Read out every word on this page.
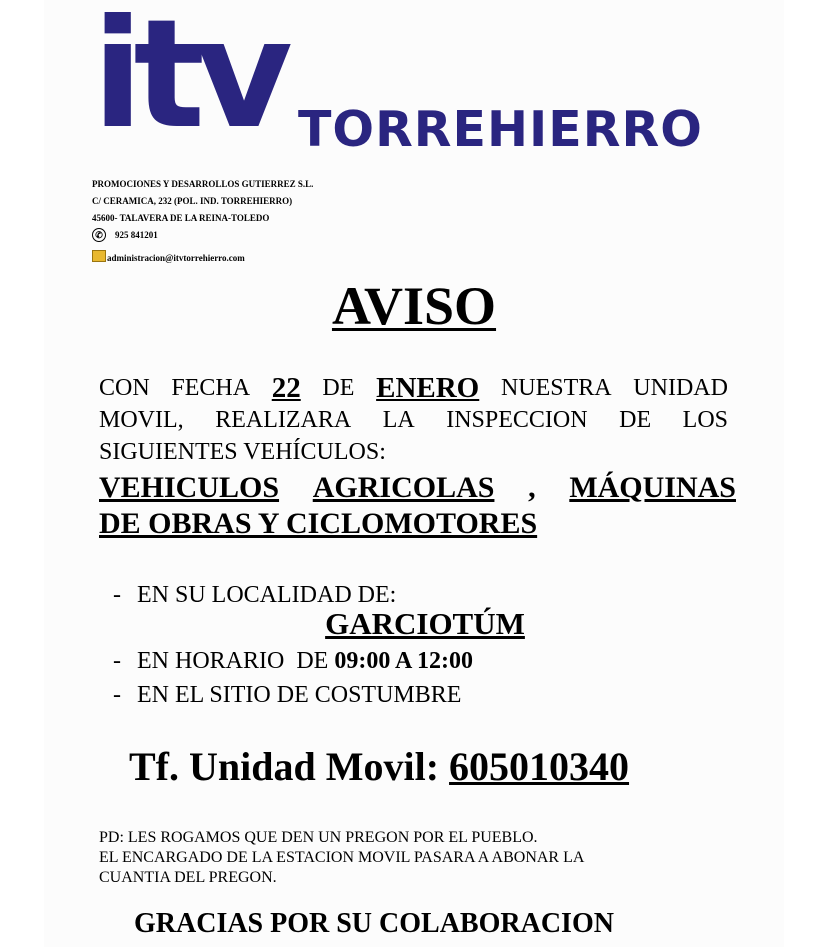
itv TORREHIERRO
PROMOCIONES Y DESARROLLOS GUTIERREZ S.L.
C/ CERAMICA, 232 (POL. IND. TORREHIERRO)
45600- TALAVERA DE LA REINA-TOLEDO
✆	925 841201
administracion@itvtorrehierro.com
AVISO
CON FECHA 22 DE ENERO NUESTRA UNIDAD
MOVIL, REALIZARA LA INSPECCION DE LOS
SIGUIENTES VEHÍCULOS:
VEHICULOS AGRICOLAS , MÁQUINAS
DE OBRAS Y CICLOMOTORES
- EN SU LOCALIDAD DE:
GARCIOTÚM
- EN HORARIO  DE 09:00 A 12:00
- EN EL SITIO DE COSTUMBRE
Tf. Unidad Movil: 605010340
PD: LES ROGAMOS QUE DEN UN PREGON POR EL PUEBLO.
EL ENCARGADO DE LA ESTACION MOVIL PASARA A ABONAR LA
CUANTIA DEL PREGON.
GRACIAS POR SU COLABORACION
